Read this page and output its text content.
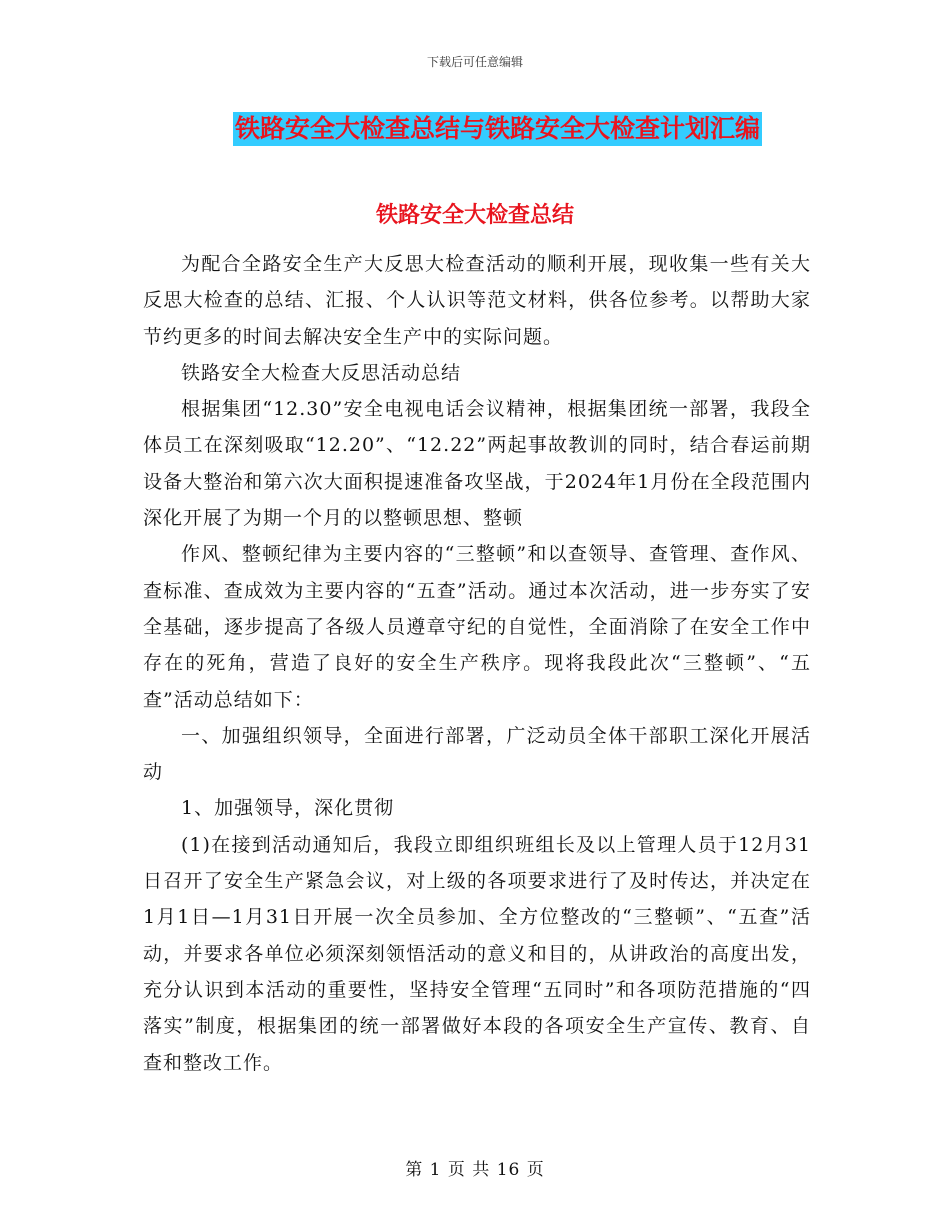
下载后可任意编辑
铁路安全大检查总结与铁路安全大检查计划汇编
铁路安全大检查总结

为配合全路安全生产大反思大检查活动的顺利开展，现收集一些有关大反思大检查的总结、汇报、个人认识等范文材料，供各位参考。以帮助大家节约更多的时间去解决安全生产中的实际问题。

铁路安全大检查大反思活动总结

根据集团“12.30”安全电视电话会议精神，根据集团统一部署，我段全体员工在深刻吸取“12.20”、“12.22”两起事故教训的同时，结合春运前期设备大整治和第六次大面积提速准备攻坚战，于2024年1月份在全段范围内深化开展了为期一个月的以整顿思想、整顿

作风、整顿纪律为主要内容的“三整顿”和以查领导、查管理、查作风、查标准、查成效为主要内容的“五查”活动。通过本次活动，进一步夯实了安全基础，逐步提高了各级人员遵章守纪的自觉性，全面消除了在安全工作中存在的死角，营造了良好的安全生产秩序。现将我段此次“三整顿”、“五查”活动总结如下：

一、加强组织领导，全面进行部署，广泛动员全体干部职工深化开展活动

1、加强领导，深化贯彻

(1)在接到活动通知后，我段立即组织班组长及以上管理人员于12月31日召开了安全生产紧急会议，对上级的各项要求进行了及时传达，并决定在1月1日—1月31日开展一次全员参加、全方位整改的“三整顿”、“五查”活动，并要求各单位必须深刻领悟活动的意义和目的，从讲政治的高度出发，充分认识到本活动的重要性，坚持安全管理“五同时”和各项防范措施的“四落实”制度，根据集团的统一部署做好本段的各项安全生产宣传、教育、自查和整改工作。

第 1 页 共 16 页
